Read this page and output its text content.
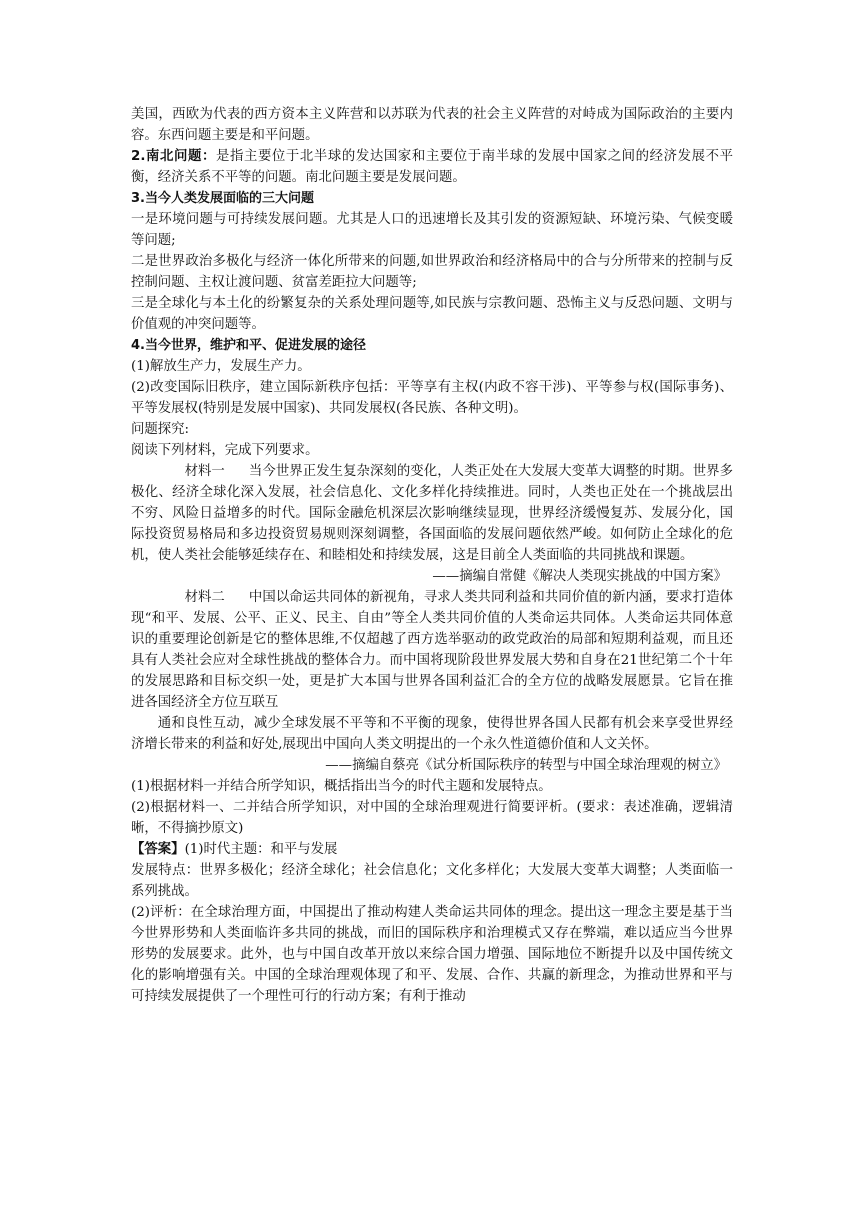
美国，西欧为代表的西方资本主义阵营和以苏联为代表的社会主义阵营的对峙成为国际政治的主要内容。东西问题主要是和平问题。

2.南北问题：是指主要位于北半球的发达国家和主要位于南半球的发展中国家之间的经济发展不平衡，经济关系不平等的问题。南北问题主要是发展问题。

3.当今人类发展面临的三大问题

一是环境问题与可持续发展问题。尤其是人口的迅速增长及其引发的资源短缺、环境污染、气候变暖等问题;

二是世界政治多极化与经济一体化所带来的问题,如世界政治和经济格局中的合与分所带来的控制与反控制问题、主权让渡问题、贫富差距拉大问题等;

三是全球化与本土化的纷繁复杂的关系处理问题等,如民族与宗教问题、恐怖主义与反恐问题、文明与价值观的冲突问题等。

4.当今世界，维护和平、促进发展的途径

(1)解放生产力，发展生产力。

(2)改变国际旧秩序，建立国际新秩序包括：平等享有主权(内政不容干涉)、平等参与权(国际事务)、平等发展权(特别是发展中国家)、共同发展权(各民族、各种文明)。

问题探究:

阅读下列材料，完成下列要求。

材料一 当今世界正发生复杂深刻的变化，人类正处在大发展大变革大调整的时期。世界多极化、经济全球化深入发展，社会信息化、文化多样化持续推进。同时，人类也正处在一个挑战层出不穷、风险日益增多的时代。国际金融危机深层次影响继续显现，世界经济缓慢复苏、发展分化，国际投资贸易格局和多边投资贸易规则深刻调整，各国面临的发展问题依然严峻。如何防止全球化的危机，使人类社会能够延续存在、和睦相处和持续发展，这是目前全人类面临的共同挑战和课题。

——摘编自常健《解决人类现实挑战的中国方案》

材料二 中国以命运共同体的新视角，寻求人类共同利益和共同价值的新内涵，要求打造体现“和平、发展、公平、正义、民主、自由”等全人类共同价值的人类命运共同体。人类命运共同体意识的重要理论创新是它的整体思维,不仅超越了西方选举驱动的政党政治的局部和短期利益观，而且还具有人类社会应对全球性挑战的整体合力。而中国将现阶段世界发展大势和自身在21世纪第二个十年的发展思路和目标交织一处，更是扩大本国与世界各国利益汇合的全方位的战略发展愿景。它旨在推进各国经济全方位互联互

通和良性互动，减少全球发展不平等和不平衡的现象，使得世界各国人民都有机会来享受世界经济增长带来的利益和好处,展现出中国向人类文明提出的一个永久性道德价值和人文关怀。

——摘编自蔡亮《试分析国际秩序的转型与中国全球治理观的树立》

(1)根据材料一并结合所学知识，概括指出当今的时代主题和发展特点。

(2)根据材料一、二并结合所学知识，对中国的全球治理观进行简要评析。(要求：表述准确，逻辑清晰，不得摘抄原文)

【答案】(1)时代主题：和平与发展

发展特点：世界多极化；经济全球化；社会信息化；文化多样化；大发展大变革大调整；人类面临一系列挑战。

(2)评析：在全球治理方面，中国提出了推动构建人类命运共同体的理念。提出这一理念主要是基于当今世界形势和人类面临许多共同的挑战，而旧的国际秩序和治理模式又存在弊端，难以适应当今世界形势的发展要求。此外，也与中国自改革开放以来综合国力增强、国际地位不断提升以及中国传统文化的影响增强有关。中国的全球治理观体现了和平、发展、合作、共赢的新理念，为推动世界和平与可持续发展提供了一个理性可行的行动方案；有利于推动
